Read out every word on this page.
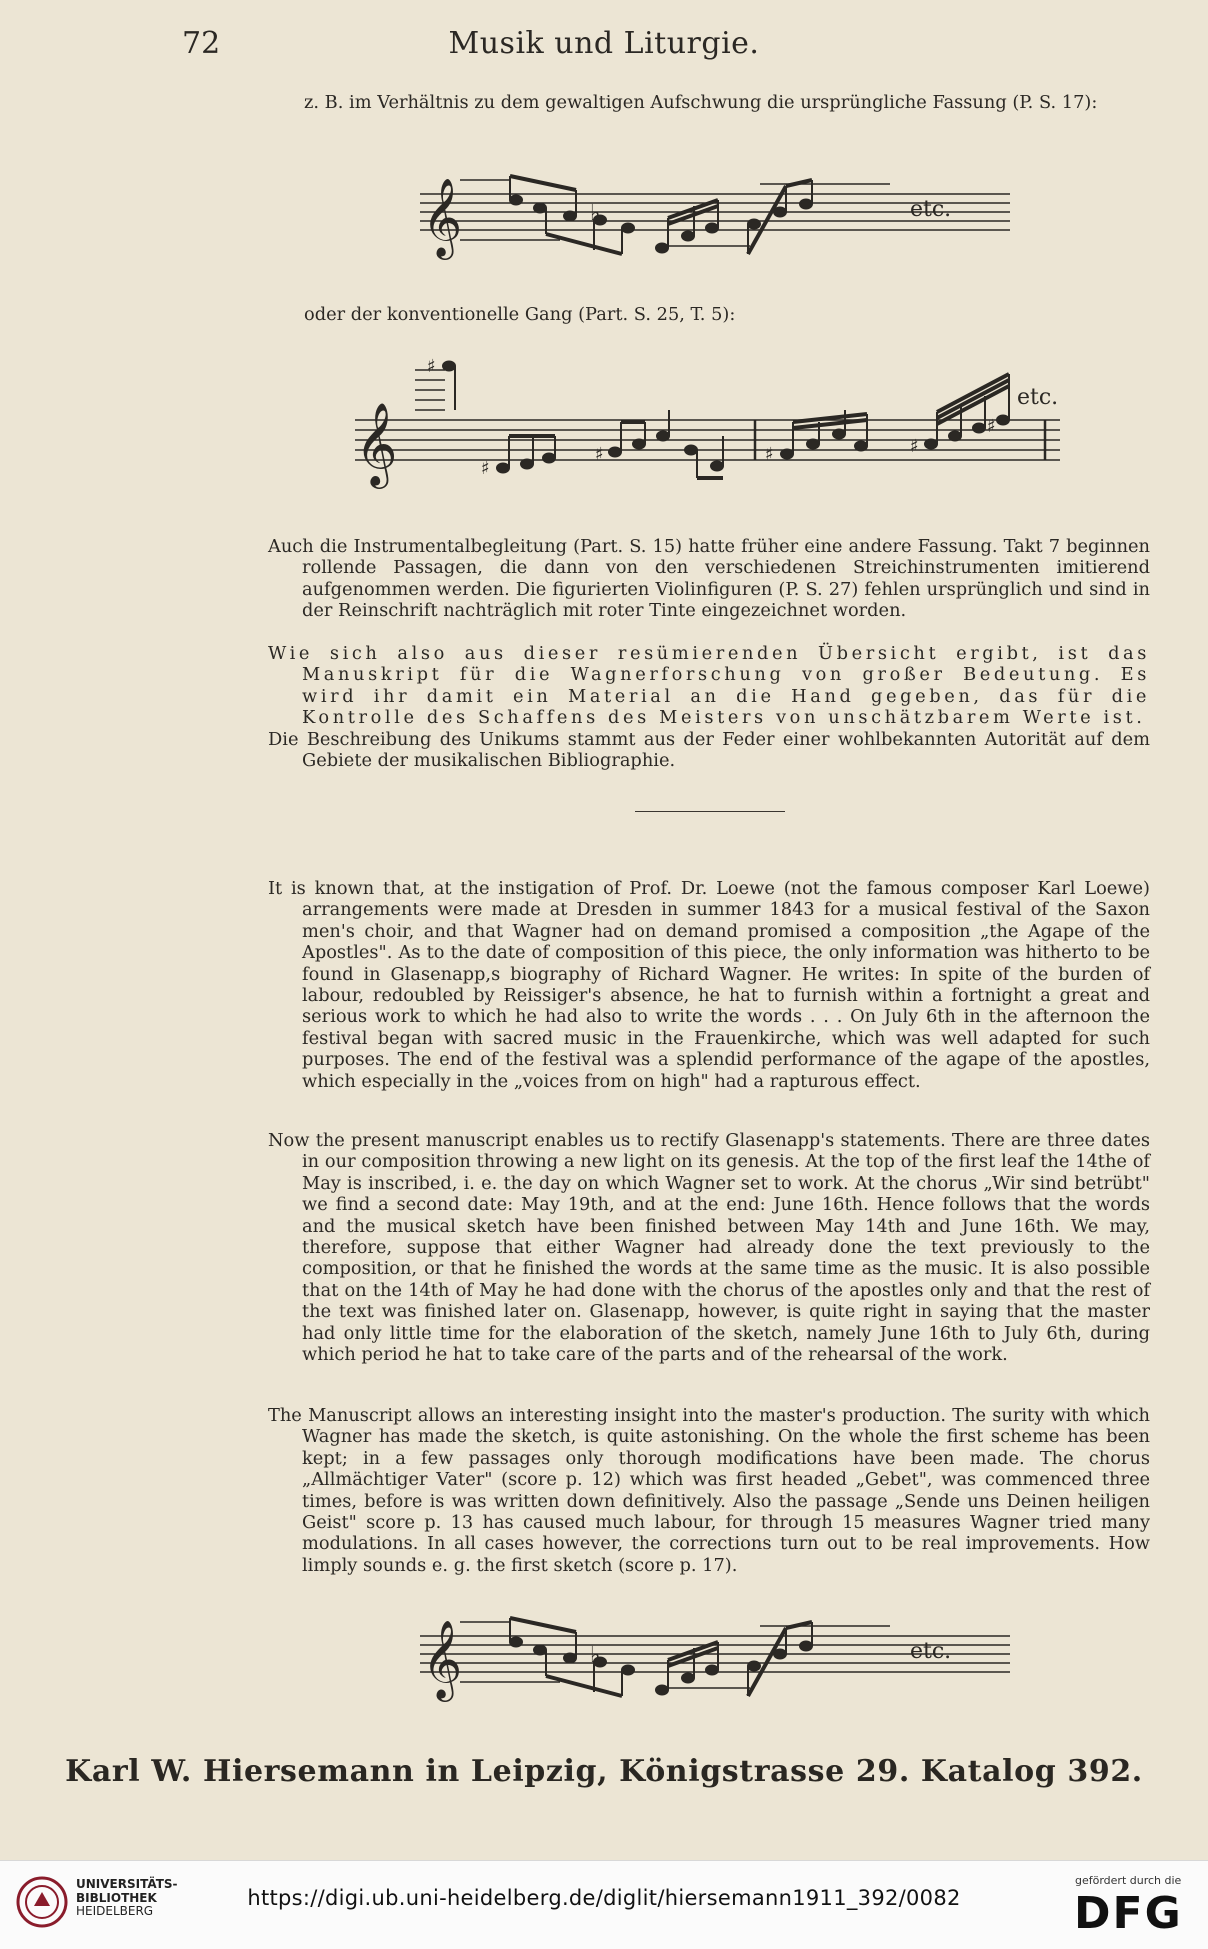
72	Musik und Liturgie.
z. B. im Verhältnis zu dem gewaltigen Aufschwung die ursprüngliche Fassung (P. S. 17):
𝄞	♭	etc.
oder der konventionelle Gang (Part. S. 25, T. 5):
𝄞
♯
♯
♯	♯	♯
♯
etc.
Auch die Instrumentalbegleitung (Part. S. 15) hatte früher eine andere Fassung. Takt 7 beginnen rollende Passagen, die dann von den verschiedenen Streichinstrumenten imitierend aufgenommen werden. Die figurierten Violinfiguren (P. S. 27) fehlen ursprünglich und sind in der Reinschrift nachträglich mit roter Tinte eingezeichnet worden.
Wie sich also aus dieser resümierenden Übersicht ergibt, ist das Manuskript für die Wagnerforschung von großer Bedeutung. Es wird ihr damit ein Material an die Hand gegeben, das für die Kontrolle des Schaffens des Meisters von unschätzbarem Werte ist.
Die Beschreibung des Unikums stammt aus der Feder einer wohlbekannten Autorität auf dem Gebiete der musikalischen Bibliographie.
It is known that, at the instigation of Prof. Dr. Loewe (not the famous composer Karl Loewe) arrangements were made at Dresden in summer 1843 for a musical festival of the Saxon men's choir, and that Wagner had on demand promised a composition „the Agape of the Apostles". As to the date of composition of this piece, the only information was hitherto to be found in Glasenapp,s biography of Richard Wagner. He writes: In spite of the burden of labour, redoubled by Reissiger's absence, he hat to furnish within a fortnight a great and serious work to which he had also to write the words . . . On July 6th in the afternoon the festival began with sacred music in the Frauenkirche, which was well adapted for such purposes. The end of the festival was a splendid performance of the agape of the apostles, which especially in the „voices from on high" had a rapturous effect.
Now the present manuscript enables us to rectify Glasenapp's statements. There are three dates in our composition throwing a new light on its genesis. At the top of the first leaf the 14the of May is inscribed, i. e. the day on which Wagner set to work. At the chorus „Wir sind betrübt" we find a second date: May 19th, and at the end: June 16th. Hence follows that the words and the musical sketch have been finished between May 14th and June 16th. We may, therefore, suppose that either Wagner had already done the text previously to the composition, or that he finished the words at the same time as the music. It is also possible that on the 14th of May he had done with the chorus of the apostles only and that the rest of the text was finished later on. Glasenapp, however, is quite right in saying that the master had only little time for the elaboration of the sketch, namely June 16th to July 6th, during which period he hat to take care of the parts and of the rehearsal of the work.
The Manuscript allows an interesting insight into the master's production. The surity with which Wagner has made the sketch, is quite astonishing. On the whole the first scheme has been kept; in a few passages only thorough modifications have been made. The chorus „Allmächtiger Vater" (score p. 12) which was first headed „Gebet", was commenced three times, before is was written down definitively. Also the passage „Sende uns Deinen heiligen Geist" score p. 13 has caused much labour, for through 15 measures Wagner tried many modulations. In all cases however, the corrections turn out to be real improvements. How limply sounds e. g. the first sketch (score p. 17).
𝄞	♭	etc.
Karl W. Hiersemann in Leipzig, Königstrasse 29. Katalog 392.
UNIVERSITÄTS-
BIBLIOTHEK
HEIDELBERG
https://digi.ub.uni-heidelberg.de/diglit/hiersemann1911_392/0082
gefördert durch die
DFG
